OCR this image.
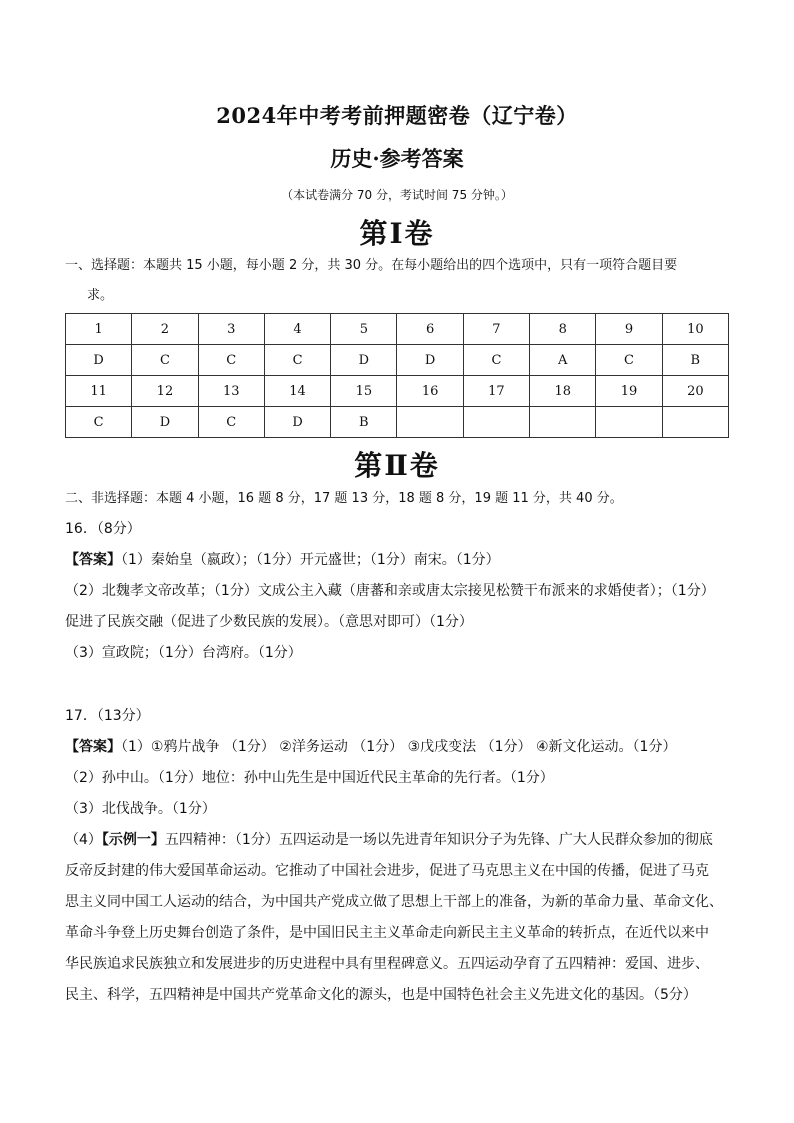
2024年中考考前押题密卷（辽宁卷）
历史·参考答案
（本试卷满分 70 分，考试时间 75 分钟。）
第Ⅰ卷
一、选择题：本题共 15 小题，每小题 2 分，共 30 分。在每小题给出的四个选项中，只有一项符合题目要
求。
1	2	3	4	5	6	7	8	9	10
D	C	C	C	D	D	C	A	C	B
11	12	13	14	15	16	17	18	19	20
C	D	C	D	B					
第Ⅱ卷
二、非选择题：本题 4 小题，16 题 8 分，17 题 13 分，18 题 8 分，19 题 11 分，共 40 分。

16．（8分）

【答案】（1）秦始皇（嬴政）；（1分）开元盛世；（1分）南宋。（1分）

（2）北魏孝文帝改革；（1分）文成公主入藏（唐蕃和亲或唐太宗接见松赞干布派来的求婚使者）；（1分）

促进了民族交融（促进了少数民族的发展）。（意思对即可）（1分）

（3）宣政院；（1分）台湾府。（1分）

17．（13分）

【答案】（1）①鸦片战争 （1分） ②洋务运动 （1分） ③戊戌变法 （1分） ④新文化运动。（1分）

（2）孙中山。（1分）地位：孙中山先生是中国近代民主革命的先行者。（1分）

（3）北伐战争。（1分）

（4）【示例一】五四精神：（1分）五四运动是一场以先进青年知识分子为先锋、广大人民群众参加的彻底

反帝反封建的伟大爱国革命运动。它推动了中国社会进步，促进了马克思主义在中国的传播，促进了马克

思主义同中国工人运动的结合，为中国共产党成立做了思想上干部上的准备，为新的革命力量、革命文化、

革命斗争登上历史舞台创造了条件，是中国旧民主主义革命走向新民主主义革命的转折点，在近代以来中

华民族追求民族独立和发展进步的历史进程中具有里程碑意义。五四运动孕育了五四精神：爱国、进步、

民主、科学，五四精神是中国共产党革命文化的源头，也是中国特色社会主义先进文化的基因。（5分）
